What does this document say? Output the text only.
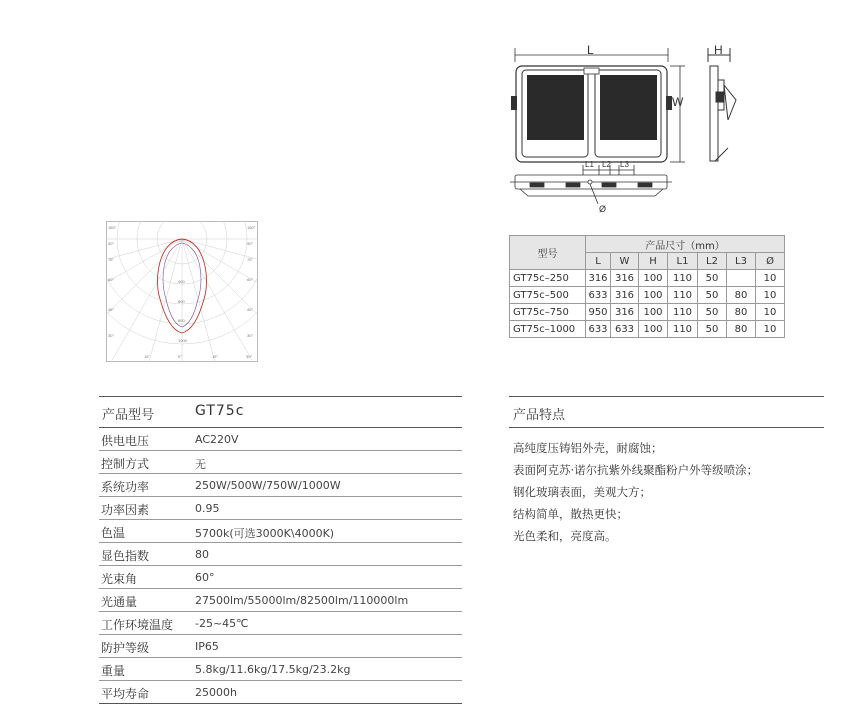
L
W
H
L1 L2 L3
Ø
180°
90°
75°
60°
45°
30°
150°
90°
75°
60°
45°
30°
15°	0°	15°	30°
400
600
800
1000
型号	产品尺寸（mm）						
	L	W	H	L1	L2	L3	Ø
GT75c–250	316	316	100	110	50		10
GT75c–500	633	316	100	110	50	80	10
GT75c–750	950	316	100	110	50	80	10
GT75c–1000	633	633	100	110	50	80	10
产品型号	GT75c
供电电压	AC220V
控制方式	无
系统功率	250W/500W/750W/1000W
功率因素	0.95
色温	5700k(可选3000K\4000K)
显色指数	80
光束角	60°
光通量	27500lm/55000lm/82500lm/110000lm
工作环境温度 -25~45℃
防护等级	IP65
重量	5.8kg/11.6kg/17.5kg/23.2kg
平均寿命	25000h
产品特点
高纯度压铸铝外壳，耐腐蚀；
表面阿克苏·诺尔抗紫外线聚酯粉户外等级喷涂；
钢化玻璃表面，美观大方；
结构简单，散热更快；
光色柔和，亮度高。
